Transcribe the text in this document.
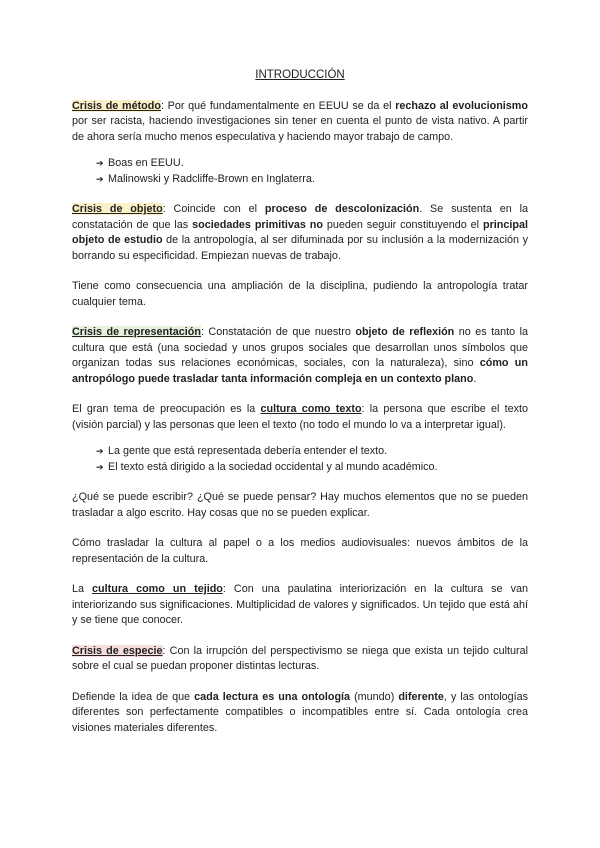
INTRODUCCIÓN

Crisis de método: Por qué fundamentalmente en EEUU se da el rechazo al evolucionismo por ser racista, haciendo investigaciones sin tener en cuenta el punto de vista nativo. A partir de ahora sería mucho menos especulativa y haciendo mayor trabajo de campo.

➔ Boas en EEUU.
➔ Malinowski y Radcliffe-Brown en Inglaterra.

Crisis de objeto: Coincide con el proceso de descolonización. Se sustenta en la constatación de que las sociedades primitivas no pueden seguir constituyendo el principal objeto de estudio de la antropología, al ser difuminada por su inclusión a la modernización y borrando su especificidad. Empiezan nuevas de trabajo.

Tiene como consecuencia una ampliación de la disciplina, pudiendo la antropología tratar cualquier tema.

Crisis de representación: Constatación de que nuestro objeto de reflexión no es tanto la cultura que está (una sociedad y unos grupos sociales que desarrollan unos símbolos que organizan todas sus relaciones económicas, sociales, con la naturaleza), sino cómo un antropólogo puede trasladar tanta información compleja en un contexto plano.

El gran tema de preocupación es la cultura como texto: la persona que escribe el texto (visión parcial) y las personas que leen el texto (no todo el mundo lo va a interpretar igual).

➔ La gente que está representada debería entender el texto.
➔ El texto está dirigido a la sociedad occidental y al mundo académico.

¿Qué se puede escribir? ¿Qué se puede pensar? Hay muchos elementos que no se pueden trasladar a algo escrito. Hay cosas que no se pueden explicar.

Cómo trasladar la cultura al papel o a los medios audiovisuales: nuevos ámbitos de la representación de la cultura.

La cultura como un tejido: Con una paulatina interiorización en la cultura se van interiorizando sus significaciones. Multiplicidad de valores y significados. Un tejido que está ahí y se tiene que conocer.

Crisis de especie: Con la irrupción del perspectivismo se niega que exista un tejido cultural sobre el cual se puedan proponer distintas lecturas.

Defiende la idea de que cada lectura es una ontología (mundo) diferente, y las ontologías diferentes son perfectamente compatibles o incompatibles entre sí. Cada ontología crea visiones materiales diferentes.
